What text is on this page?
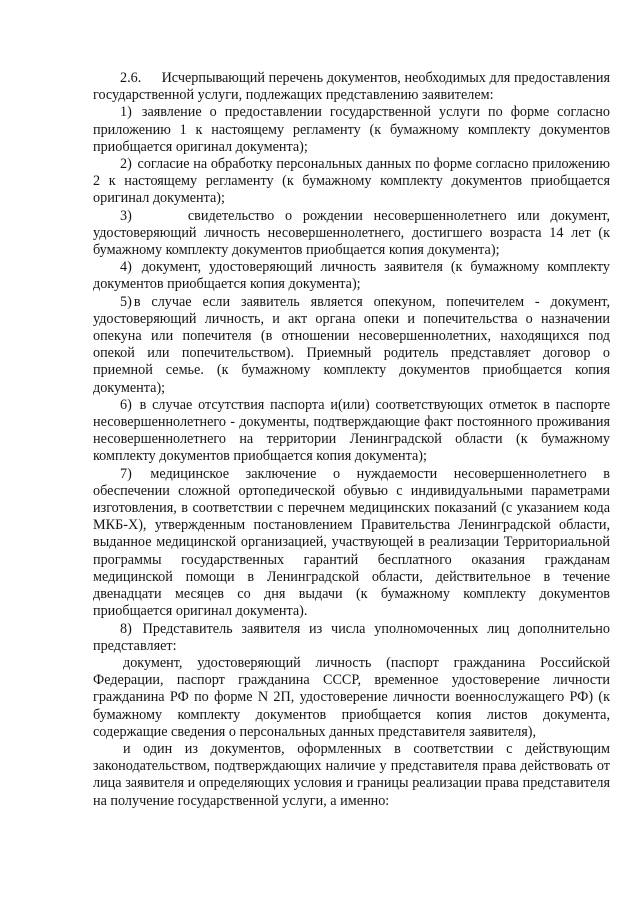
2.6. Исчерпывающий перечень документов, необходимых для предоставления государственной услуги, подлежащих представлению заявителем:

1) заявление о предоставлении государственной услуги по форме согласно приложению 1 к настоящему регламенту (к бумажному комплекту документов приобщается оригинал документа);

2) согласие на обработку персональных данных по форме согласно приложению 2 к настоящему регламенту (к бумажному комплекту документов приобщается оригинал документа);

3)	свидетельство о рождении несовершеннолетнего или документ, удостоверяющий личность несовершеннолетнего, достигшего возраста 14 лет (к бумажному комплекту документов приобщается копия документа);

4) документ, удостоверяющий личность заявителя (к бумажному комплекту документов приобщается копия документа);

5) в случае если заявитель является опекуном, попечителем - документ, удостоверяющий личность, и акт органа опеки и попечительства о назначении опекуна или попечителя (в отношении несовершеннолетних, находящихся под опекой или попечительством). Приемный родитель представляет договор о приемной семье. (к бумажному комплекту документов приобщается копия документа);

6) в случае отсутствия паспорта и(или) соответствующих отметок в паспорте несовершеннолетнего - документы, подтверждающие факт постоянного проживания несовершеннолетнего на территории Ленинградской области (к бумажному комплекту документов приобщается копия документа);

7) медицинское заключение о нуждаемости несовершеннолетнего в обеспечении сложной ортопедической обувью с индивидуальными параметрами изготовления, в соответствии с перечнем медицинских показаний (с указанием кода МКБ-Х), утвержденным постановлением Правительства Ленинградской области, выданное медицинской организацией, участвующей в реализации Территориальной программы государственных гарантий бесплатного оказания гражданам медицинской помощи в Ленинградской области, действительное в течение двенадцати месяцев со дня выдачи (к бумажному комплекту документов приобщается оригинал документа).

8) Представитель заявителя из числа уполномоченных лиц дополнительно представляет:

документ, удостоверяющий личность (паспорт гражданина Российской Федерации, паспорт гражданина СССР, временное удостоверение личности гражданина РФ по форме N 2П, удостоверение личности военнослужащего РФ) (к бумажному комплекту документов приобщается копия листов документа, содержащие сведения о персональных данных представителя заявителя),

и один из документов, оформленных в соответствии с действующим законодательством, подтверждающих наличие у представителя права действовать от лица заявителя и определяющих условия и границы реализации права представителя на получение государственной услуги, а именно:
